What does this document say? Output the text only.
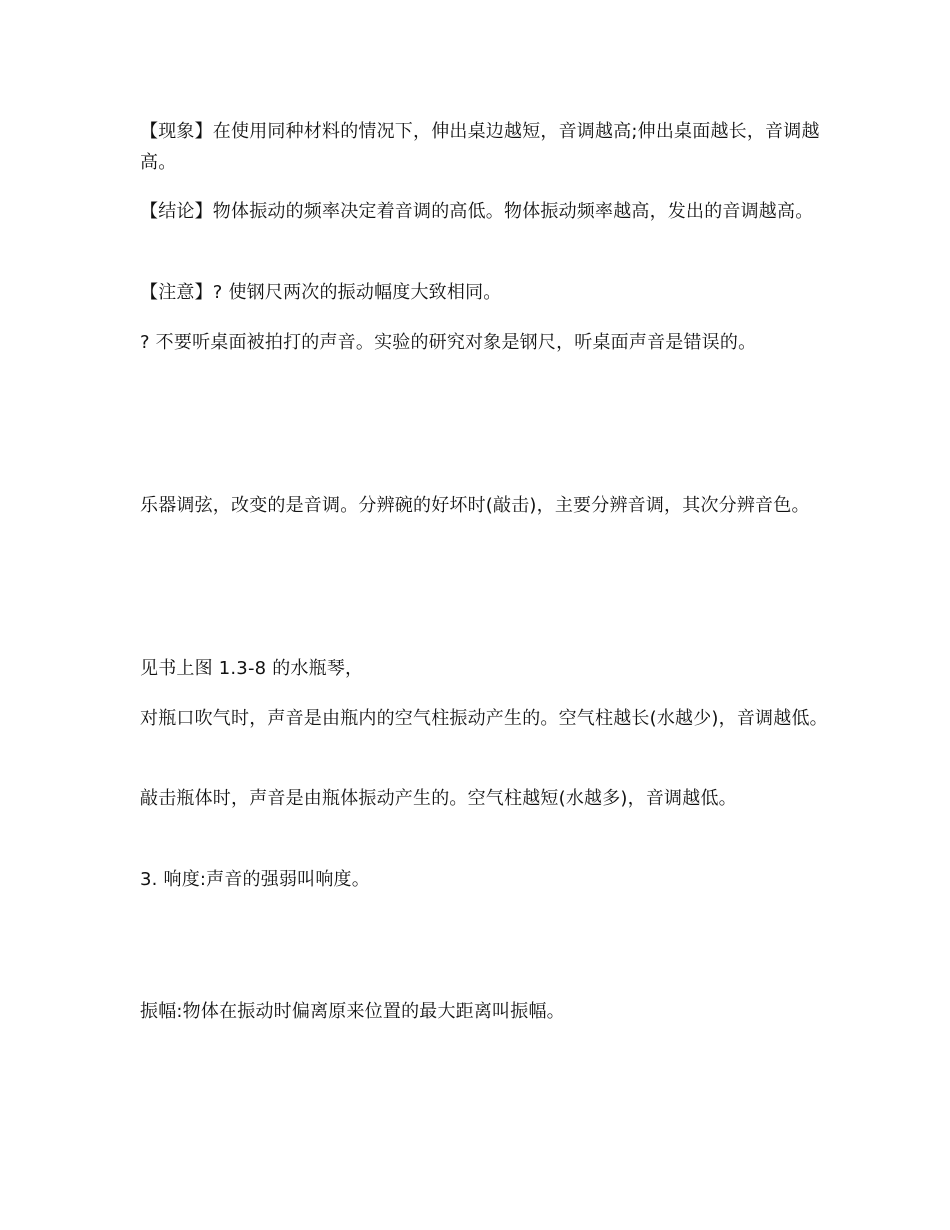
【现象】在使用同种材料的情况下，伸出桌边越短，音调越高;伸出桌面越长，音调越高。

【结论】物体振动的频率决定着音调的高低。物体振动频率越高，发出的音调越高。

【注意】? 使钢尺两次的振动幅度大致相同。

? 不要听桌面被拍打的声音。实验的研究对象是钢尺，听桌面声音是错误的。

乐器调弦，改变的是音调。分辨碗的好坏时(敲击)，主要分辨音调，其次分辨音色。

见书上图 1.3-8 的水瓶琴，

对瓶口吹气时，声音是由瓶内的空气柱振动产生的。空气柱越长(水越少)，音调越低。

敲击瓶体时，声音是由瓶体振动产生的。空气柱越短(水越多)，音调越低。

3. 响度:声音的强弱叫响度。

振幅:物体在振动时偏离原来位置的最大距离叫振幅。
